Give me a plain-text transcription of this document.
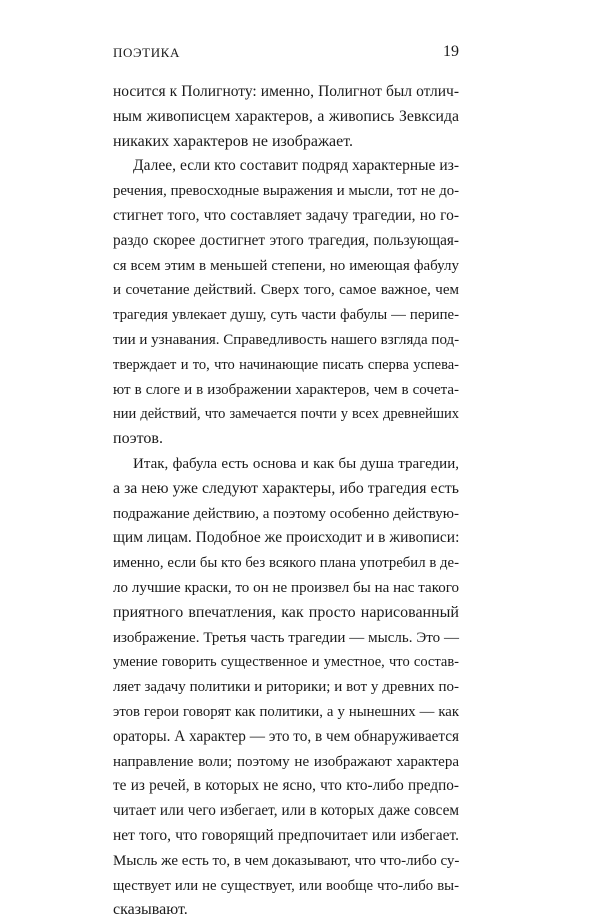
ПОЭТИКА	19
носится к Полигноту: именно, Полигнот был отлич-
ным живописцем характеров, а живопись Зевксида
никаких характеров не изображает.
Далее, если кто составит подряд характерные из-
речения, превосходные выражения и мысли, тот не до-
стигнет того, что составляет задачу трагедии, но го-
раздо скорее достигнет этого трагедия, пользующая-
ся всем этим в меньшей степени, но имеющая фабулу
и сочетание действий. Сверх того, самое важное, чем
трагедия увлекает душу, суть части фабулы — перипе-
тии и узнавания. Справедливость нашего взгляда под-
тверждает и то, что начинающие писать сперва успева-
ют в слоге и в изображении характеров, чем в сочета-
нии действий, что замечается почти у всех древнейших
поэтов.
Итак, фабула есть основа и как бы душа трагедии,
а за нею уже следуют характеры, ибо трагедия есть
подражание действию, а поэтому особенно действую-
щим лицам. Подобное же происходит и в живописи:
именно, если бы кто без всякого плана употребил в де-
ло лучшие краски, то он не произвел бы на нас такого
приятного впечатления, как просто нарисованный
изображение. Третья часть трагедии — мысль. Это —
умение говорить существенное и уместное, что состав-
ляет задачу политики и риторики; и вот у древних по-
этов герои говорят как политики, а у нынешних — как
ораторы. А характер — это то, в чем обнаруживается
направление воли; поэтому не изображают характера
те из речей, в которых не ясно, что кто-либо предпо-
читает или чего избегает, или в которых даже совсем
нет того, что говорящий предпочитает или избегает.
Мысль же есть то, в чем доказывают, что что-либо су-
ществует или не существует, или вообще что-либо вы-
сказывают.
